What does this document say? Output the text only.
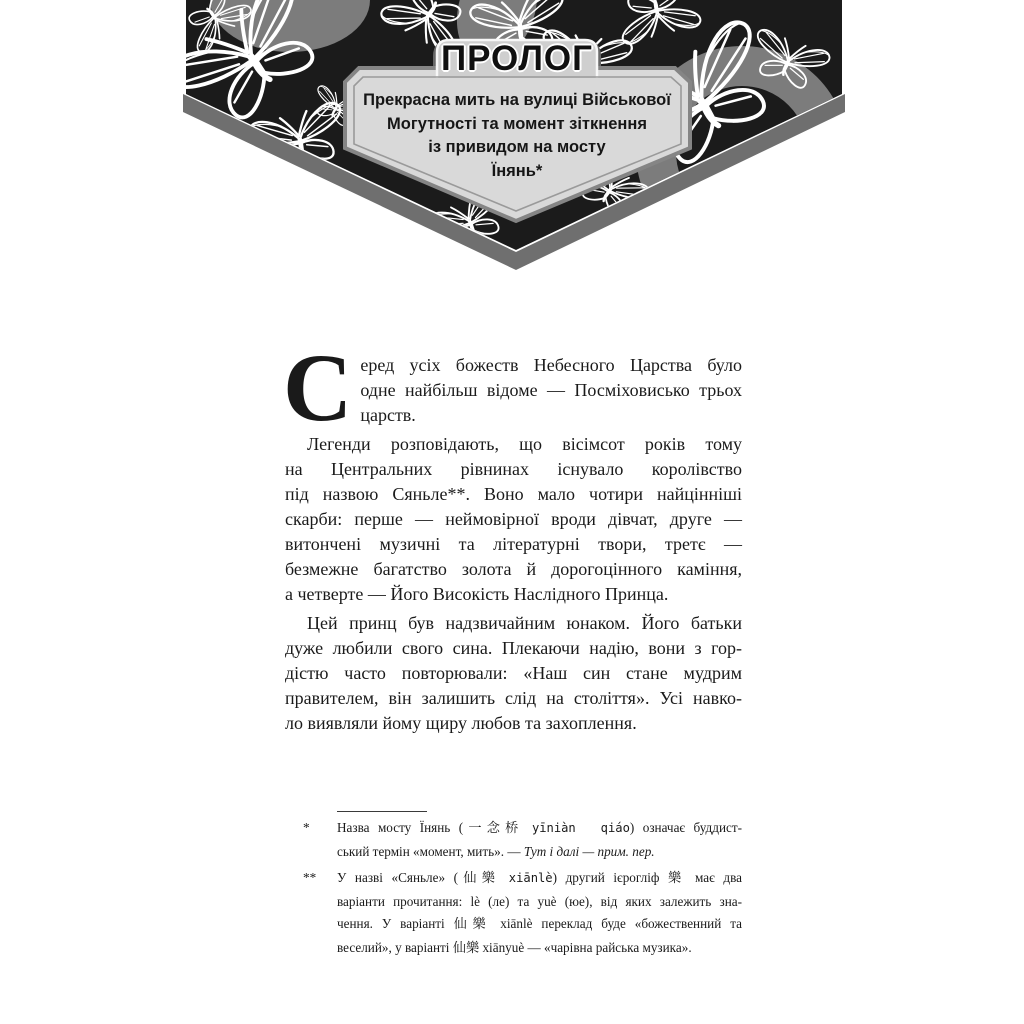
ПРОЛОГ
Прекрасна мить на вулиці Військової
Могутності та момент зіткнення
із привидом на мосту
Їнянь*
С еред усіх божеств Небесного Царства було
одне найбільш відоме — Посміховисько трьох
царств.
Легенди розповідають, що вісімсот років тому
на Центральних рівнинах існувало королівство
під назвою Сяньле**. Воно мало чотири найцінніші
скарби: перше — неймовірної вроди дівчат, друге —
витончені музичні та літературні твори, третє —
безмежне багатство золота й дорогоцінного каміння,
а четверте — Його Високість Наслідного Принца.
Цей принц був надзвичайним юнаком. Його батьки
дуже любили свого сина. Плекаючи надію, вони з гор-
дістю часто повторювали: «Наш син стане мудрим
правителем, він залишить слід на століття». Усі навко-
ло виявляли йому щиру любов та захоплення.
*	Назва мосту Їнянь (一念桥 yīniàn  qiáo) означає буддист-
ський термін «момент, мить». — Тут і далі — прим. пер.
**	У назві «Сяньле» (仙樂 xiānlè) другий ієрогліф 樂 має два
варіанти прочитання: lè (ле) та yuè (юе), від яких залежить зна-
чення. У варіанті 仙樂 xiānlè переклад буде «божественний та
веселий», у варіанті 仙樂 xiānyuè — «чарівна райська музика».
